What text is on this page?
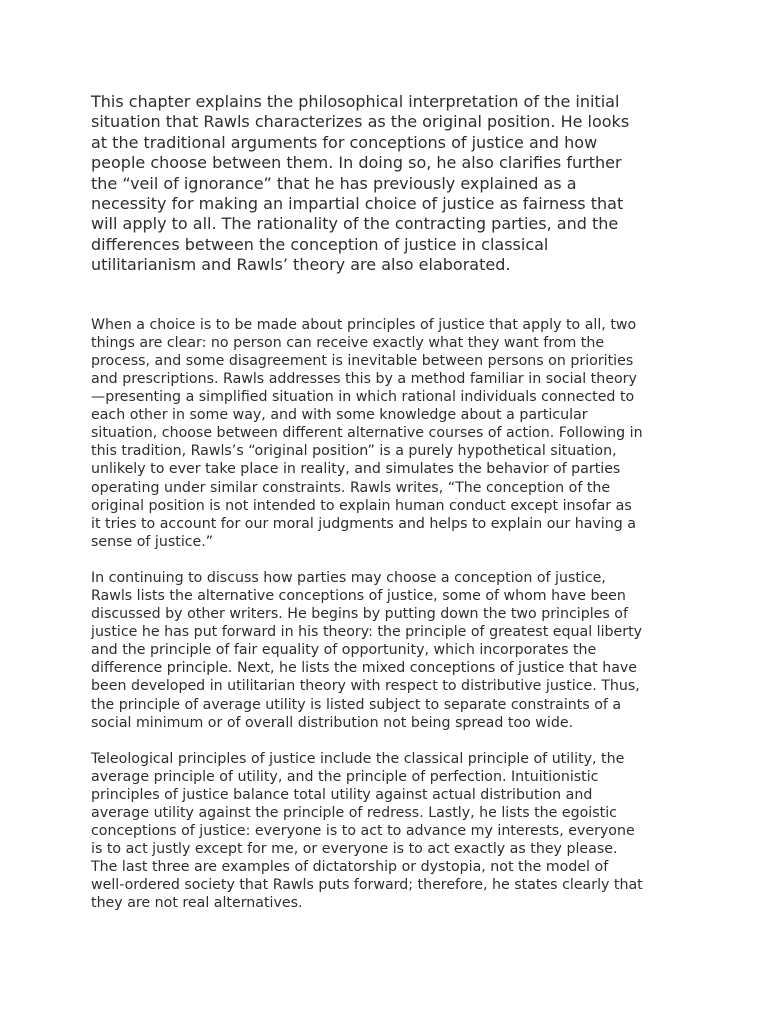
This chapter explains the philosophical interpretation of the initial
situation that Rawls characterizes as the original position. He looks
at the traditional arguments for conceptions of justice and how
people choose between them. In doing so, he also clarifies further
the “veil of ignorance” that he has previously explained as a
necessity for making an impartial choice of justice as fairness that
will apply to all. The rationality of the contracting parties, and the
differences between the conception of justice in classical
utilitarianism and Rawls’ theory are also elaborated.

When a choice is to be made about principles of justice that apply to all, two
things are clear: no person can receive exactly what they want from the
process, and some disagreement is inevitable between persons on priorities
and prescriptions. Rawls addresses this by a method familiar in social theory
—presenting a simplified situation in which rational individuals connected to
each other in some way, and with some knowledge about a particular
situation, choose between different alternative courses of action. Following in
this tradition, Rawls’s “original position” is a purely hypothetical situation,
unlikely to ever take place in reality, and simulates the behavior of parties
operating under similar constraints. Rawls writes, “The conception of the
original position is not intended to explain human conduct except insofar as
it tries to account for our moral judgments and helps to explain our having a
sense of justice.”

In continuing to discuss how parties may choose a conception of justice,
Rawls lists the alternative conceptions of justice, some of whom have been
discussed by other writers. He begins by putting down the two principles of
justice he has put forward in his theory: the principle of greatest equal liberty
and the principle of fair equality of opportunity, which incorporates the
difference principle. Next, he lists the mixed conceptions of justice that have
been developed in utilitarian theory with respect to distributive justice. Thus,
the principle of average utility is listed subject to separate constraints of a
social minimum or of overall distribution not being spread too wide.

Teleological principles of justice include the classical principle of utility, the
average principle of utility, and the principle of perfection. Intuitionistic
principles of justice balance total utility against actual distribution and
average utility against the principle of redress. Lastly, he lists the egoistic
conceptions of justice: everyone is to act to advance my interests, everyone
is to act justly except for me, or everyone is to act exactly as they please.
The last three are examples of dictatorship or dystopia, not the model of
well-ordered society that Rawls puts forward; therefore, he states clearly that
they are not real alternatives.
